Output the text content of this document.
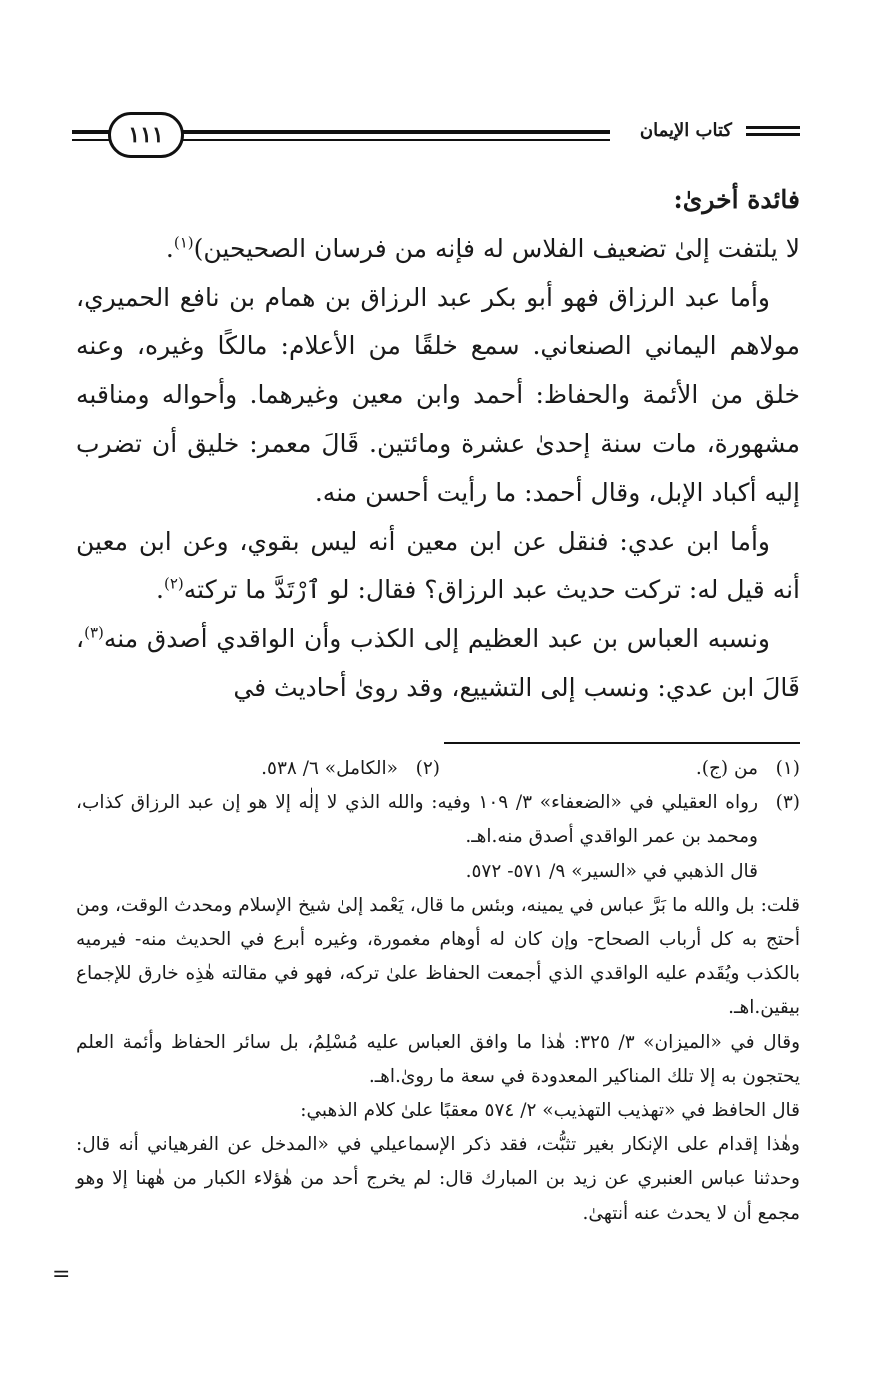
كتاب الإيمان
١١١

فائدة أخرىٰ:

لا يلتفت إلىٰ تضعيف الفلاس له فإنه من فرسان الصحيحين)$^{(١)}$.

وأما عبد الرزاق فهو أبو بكر عبد الرزاق بن همام بن نافع الحميري، مولاهم اليماني الصنعاني. سمع خلقًا من الأعلام: مالكًا وغيره، وعنه خلق من الأئمة والحفاظ: أحمد وابن معين وغيرهما. وأحواله ومناقبه مشهورة، مات سنة إحدىٰ عشرة ومائتين. قَالَ معمر: خليق أن تضرب إليه أكباد الإبل، وقال أحمد: ما رأيت أحسن منه.

وأما ابن عدي: فنقل عن ابن معين أنه ليس بقوي، وعن ابن معين أنه قيل له: تركت حديث عبد الرزاق؟ فقال: لو ٱرْتَدَّ ما تركته$^{(٢)}$.

ونسبه العباس بن عبد العظيم إلى الكذب وأن الواقدي أصدق منه$^{(٣)}$، قَالَ ابن عدي: ونسب إلى التشييع، وقد روىٰ أحاديث في

(١)
من (ج).
(٢)
«الكامل» ٦/ ٥٣٨.
(٣)

رواه العقيلي في «الضعفاء» ٣/ ١٠٩ وفيه: والله الذي لا إلٰه إلا هو إن عبد الرزاق كذاب، ومحمد بن عمر الواقدي أصدق منه.اهـ.

قال الذهبي في «السير» ٩/ ٥٧١- ٥٧٢.

قلت: بل والله ما بَرَّ عباس في يمينه، وبئس ما قال، يَعْمد إلىٰ شيخ الإسلام ومحدث الوقت، ومن أحتج به كل أرباب الصحاح- وإن كان له أوهام مغمورة، وغيره أبرع في الحديث منه- فيرميه بالكذب ويُقَدم عليه الواقدي الذي أجمعت الحفاظ علىٰ تركه، فهو في مقالته هٰذِه خارق للإجماع بيقين.اهـ.

وقال في «الميزان» ٣/ ٣٢٥: هٰذا ما وافق العباس عليه مُسْلِمُ، بل سائر الحفاظ وأئمة العلم يحتجون به إلا تلك المناكير المعدودة في سعة ما روىٰ.اهـ.

قال الحافظ في «تهذيب التهذيب» ٢/ ٥٧٤ معقبًا علىٰ كلام الذهبي:

وهٰذا إقدام على الإنكار بغير تثبُّت، فقد ذكر الإسماعيلي في «المدخل عن الفرهياني أنه قال: وحدثنا عباس العنبري عن زيد بن المبارك قال: لم يخرج أحد من هٰؤلاء الكبار من هٰهنا إلا وهو مجمع أن لا يحدث عنه أنتهىٰ.

=
